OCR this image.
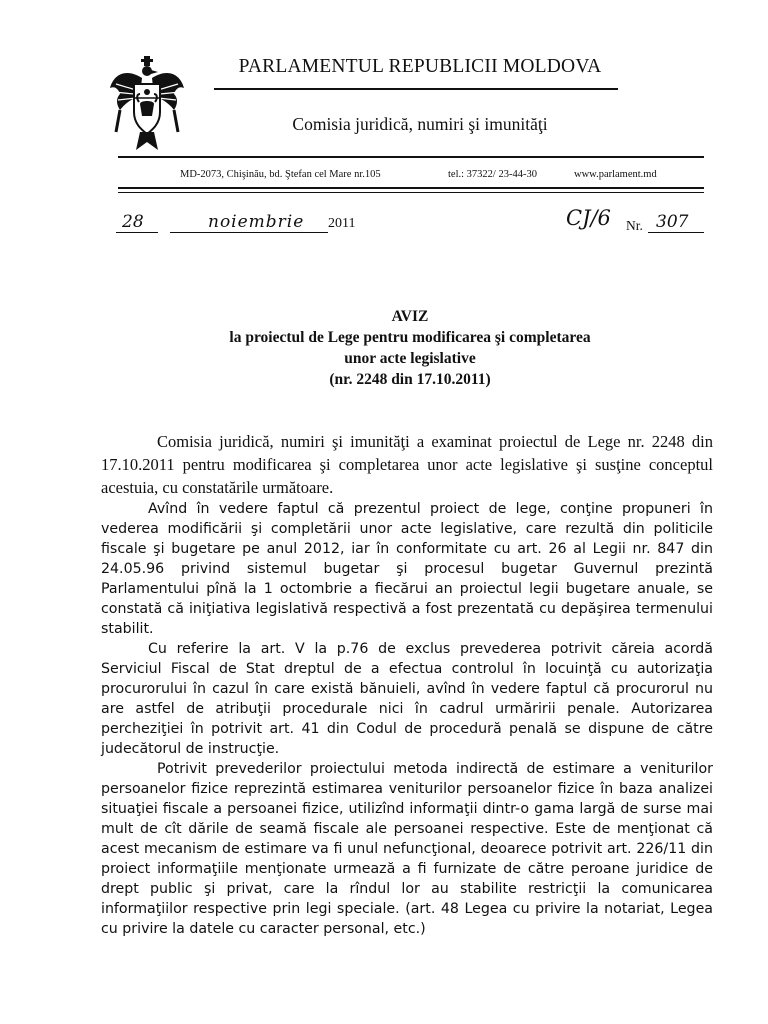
PARLAMENTUL REPUBLICII MOLDOVA
Comisia juridică, numiri şi imunităţi
MD-2073, Chişinău, bd. Ştefan cel Mare nr.105	tel.: 37322/ 23-44-30	www.parlament.md
28	noiembrie 2011	CJ/6 Nr. 307
AVIZ
la proiectul de Lege pentru modificarea şi completarea
unor acte legislative
(nr. 2248 din 17.10.2011)

Comisia juridică, numiri şi imunităţi a examinat proiectul de Lege nr. 2248 din 17.10.2011 pentru modificarea şi completarea unor acte legislative şi susţine conceptul acestuia, cu constatările următoare.

Avînd în vedere faptul că prezentul proiect de lege, conţine propuneri în vederea modificării şi completării unor acte legislative, care rezultă din politicile fiscale şi bugetare pe anul 2012, iar în conformitate cu art. 26 al Legii nr. 847 din 24.05.96 privind sistemul bugetar şi procesul bugetar Guvernul prezintă Parlamentului pînă la 1 octombrie a fiecărui an proiectul legii bugetare anuale, se constată că iniţiativa legislativă respectivă a fost prezentată cu depăşirea termenului stabilit.

Cu referire la art. V la p.76 de exclus prevederea potrivit căreia acordă Serviciul Fiscal de Stat dreptul de a efectua controlul în locuinţă cu autorizaţia procurorului în cazul în care există bănuieli, avînd în vedere faptul că procurorul nu are astfel de atribuţii procedurale nici în cadrul urmăririi penale. Autorizarea percheziţiei în potrivit art. 41 din Codul de procedură penală se dispune de către judecătorul de instrucţie.

Potrivit prevederilor proiectului metoda indirectă de estimare a veniturilor persoanelor fizice reprezintă estimarea veniturilor persoanelor fizice în baza analizei situaţiei fiscale a persoanei fizice, utilizînd informaţii dintr-o gama largă de surse mai mult de cît dările de seamă fiscale ale persoanei respective. Este de menţionat că acest mecanism de estimare va fi unul nefuncţional, deoarece potrivit art. 226/11 din proiect informaţiile menţionate urmează a fi furnizate de către peroane juridice de drept public şi privat, care la rîndul lor au stabilite restricţii la comunicarea informaţiilor respective prin legi speciale. (art. 48 Legea cu privire la notariat, Legea cu privire la datele cu caracter personal, etc.)
